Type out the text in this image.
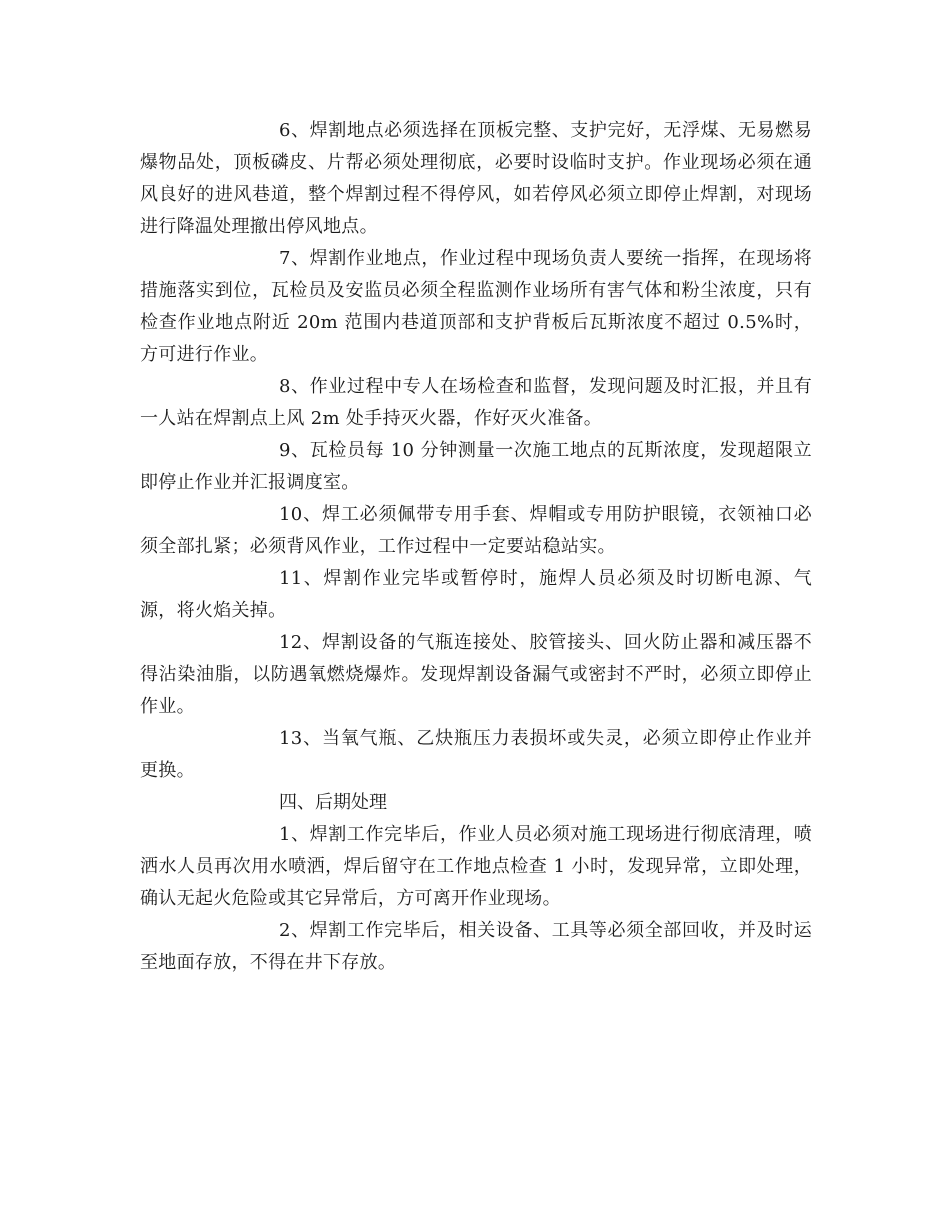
6、焊割地点必须选择在顶板完整、支护完好，无浮煤、无易燃易爆物品处，顶板磷皮、片帮必须处理彻底，必要时设临时支护。作业现场必须在通风良好的进风巷道，整个焊割过程不得停风，如若停风必须立即停止焊割，对现场进行降温处理撤出停风地点。

7、焊割作业地点，作业过程中现场负责人要统一指挥，在现场将措施落实到位，瓦检员及安监员必须全程监测作业场所有害气体和粉尘浓度，只有检查作业地点附近 20m 范围内巷道顶部和支护背板后瓦斯浓度不超过 0.5%时，方可进行作业。

8、作业过程中专人在场检查和监督，发现问题及时汇报，并且有一人站在焊割点上风 2m 处手持灭火器，作好灭火准备。

9、瓦检员每 10 分钟测量一次施工地点的瓦斯浓度，发现超限立即停止作业并汇报调度室。

10、焊工必须佩带专用手套、焊帽或专用防护眼镜，衣领袖口必须全部扎紧；必须背风作业，工作过程中一定要站稳站实。

11、焊割作业完毕或暂停时，施焊人员必须及时切断电源、气源，将火焰关掉。

12、焊割设备的气瓶连接处、胶管接头、回火防止器和减压器不得沾染油脂，以防遇氧燃烧爆炸。发现焊割设备漏气或密封不严时，必须立即停止作业。

13、当氧气瓶、乙炔瓶压力表损坏或失灵，必须立即停止作业并更换。

四、后期处理

1、焊割工作完毕后，作业人员必须对施工现场进行彻底清理，喷洒水人员再次用水喷洒，焊后留守在工作地点检查 1 小时，发现异常，立即处理，确认无起火危险或其它异常后，方可离开作业现场。

2、焊割工作完毕后，相关设备、工具等必须全部回收，并及时运至地面存放，不得在井下存放。
